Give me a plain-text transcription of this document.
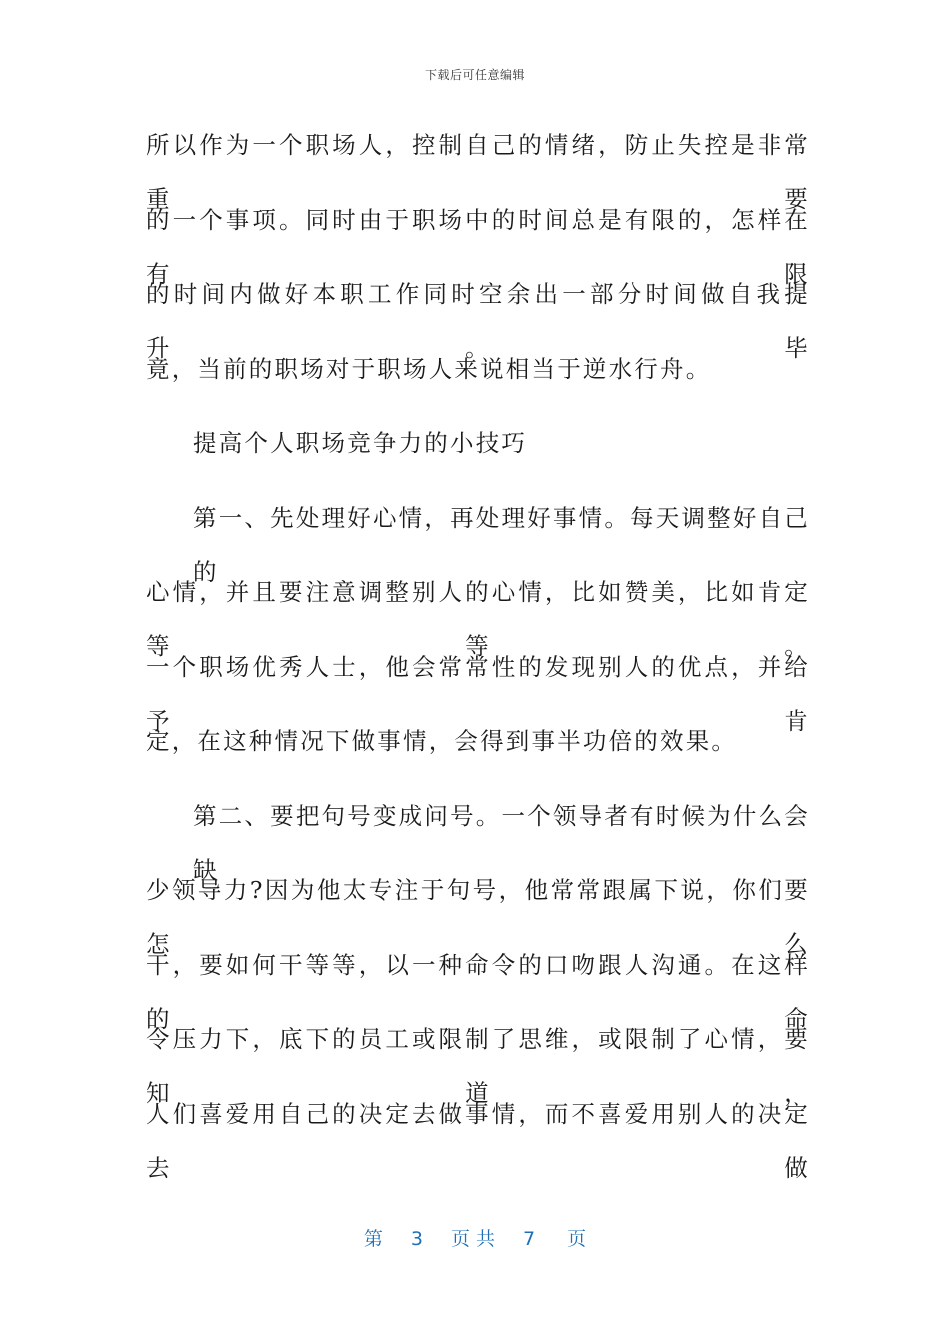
下载后可任意编辑
所以作为一个职场人，控制自己的情绪，防止失控是非常重要
的一个事项。同时由于职场中的时间总是有限的，怎样在有限
的时间内做好本职工作同时空余出一部分时间做自我提升。毕
竟，当前的职场对于职场人来说相当于逆水行舟。
提高个人职场竞争力的小技巧
第一、先处理好心情，再处理好事情。每天调整好自己的
心情，并且要注意调整别人的心情，比如赞美，比如肯定等等。
一个职场优秀人士，他会常常性的发现别人的优点，并给予肯
定，在这种情况下做事情，会得到事半功倍的效果。
第二、要把句号变成问号。一个领导者有时候为什么会缺
少领导力?因为他太专注于句号，他常常跟属下说，你们要怎么
干，要如何干等等，以一种命令的口吻跟人沟通。在这样的命
令压力下，底下的员工或限制了思维，或限制了心情，要知道，
人们喜爱用自己的决定去做事情，而不喜爱用别人的决定去做
第 3 页 共 7 页
